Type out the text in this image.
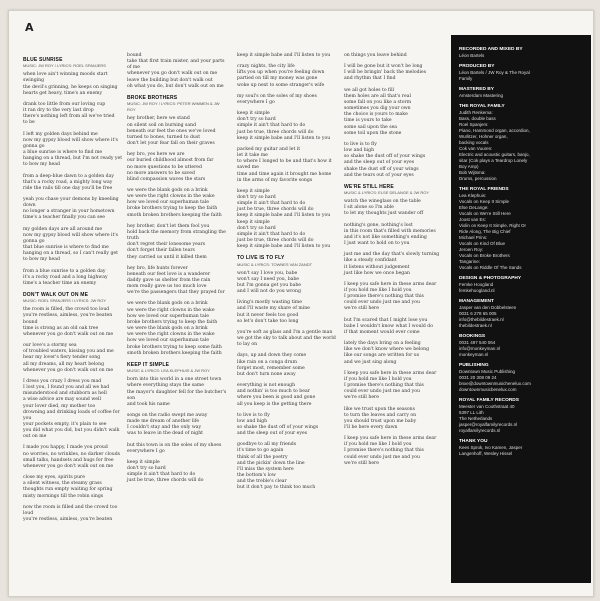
A
BLUE SUNRISE
MUSIC: JW ROY / LYRICS: ROEL SPANJERS
when love ain't winning moods start
swinging
the devil's grinning, he keeps on singing
hearts get heavy, time's an enemy
drank too little from our loving cup
it ran dry to the very last drop
there's nothing left from all we've tried
to be
I left my golden days behind me
now my gypsy blood will show where it's
gonna go
a blue sunrise is where to find me
hanging on a thread, but I'm not ready yet
to bow my head
from a deep-blue dawn to a golden day
that's a rocky road, a mighty long way
ride the rails till one day you'll be free
yeah you chase your demons by kneeling
down
no longer a stranger in your hometown
time's a teacher finally you can see
my golden days are all around me
now my gypsy blood will show where it's
gonna go
that blue sunrise is where to find me
hanging on a thread, so I can't really get
to bow my head
from a blue sunrise to a golden day
it's a rocky road and a long highway
time's a teacher time an enemy
DON'T WALK OUT ON ME
MUSIC: ROEL SPANJERS / LYRICS: JW ROY
the room is filled, the crowd too loud
you're restless, aimless, you're beaten
bound
time is strong as an old oak tree
whenever you go don't walk out on me
our love's a stormy sea
of troubled waters, kissing you and me
hear my lover's fiery tender song
all my dreams, all my heart belong
whenever you go don't walk out on me
I dress you crazy I dress you mad
I lost you, I found you and all we had
misunderstood and stubborn as hell
a wise advice are may sound well
your lover died, my mother too
drowning and drinking loads of coffee for
you
your pockets empty, it's plain to see
you did what you did, but you didn't walk
out on me
I made you happy, I made you proud
no worries, no wrinkles, no darker clouds
small talks, handsets and hugs for free
whenever you go don't walk out on me
close my eyes, spirits pure
a silent witness, the steamy grass
thoughts run empty waiting for spring
misty mornings till the robin sings
now the room is filled and the crowd too
loud
you're restless, aimless, you're beaten
bound
take that first train mister, and your parts
of me
whenever you go don't walk out on me
leave the building but don't walk out
oh what you do, but don't walk out on me
BROKE BROTHERS
MUSIC: JW ROY / LYRICS: PETER WIMMEN & JW ROY
hey brother, here we stand
on silent soil on burning sand
beneath our feet the ones we've loved
turned to bones, turned to dust
don't let your fear fall on their graves
hey bro, yes here we are
our buried childhood almost from far
no more questions to be uttered
no more answers to be saved
blind compassion waves the stars
we were the blank gods on a brink
we were the right clowns in the wake
how we loved our superhuman tale
broke brothers trying to keep the faith
smoth broken brothers keeping the faith
hey brother, don't let them fool you
hold back the memory from strangling the
truth
don't regret their lonesome years
don't forget their fallen tears
they carried us until it killed them
hey bro, life hunts forever
beneath our feet love is a wanderer
daddy gave us shelter from the rain
mom really gave us too much love
we're the passengers that they prayed for
we were the blank gods on a brink
we were the right clowns in the wake
how we loved our superhuman tale
broke brothers trying to keep the faith
we were the blank gods on a brink
we were the right clowns in the wake
how we loved our superhuman tale
broke brothers trying to keep some faith
smoth broken brothers keeping the faith
KEEP IT SIMPLE
MUSIC & LYRICS: LEA KLEPHUIS & JW ROY
born into this world in a one street town
where everything stays the same
the mayor's daughter fell for the butcher's
son
and took his name
songs on the radio swept me away
made me dream of another life
I couldn't stay and the only way
was to leave in the dead of night
but this town is on the soles of my shoes
everywhere I go
keep it simple
don't try so hard
simple it ain't that hard to do
just be true, three chords will do
keep it simple babe and I'll listen to you
crazy nights, the city life
lifts you up when you're feeling down
partied on till my money was gone
woke up next to some stranger's wife
my soul's on the soles of my shoes
everywhere I go
keep it simple
don't try so hard
simple it ain't that hard to do
just be true, three chords will do
keep it simple babe and I'll listen to you
packed my guitar and let it
let it take me
to where I longed to be and that's how it
saved me
time and time again it brought me home
in the arms of my favorite songs
keep it simple
don't try so hard
simple it ain't that hard to do
just be true, three chords will do
keep it simple babe and I'll listen to you
keep it simple
don't try so hard
simple it ain't that hard to do
just be true, three chords will do
keep it simple babe and I'll listen to you
TO LIVE IS TO FLY
MUSIC & LYRICS: TOWNES VAN ZANDT
won't say I love you, babe
won't say I need you, babe
but I'm gonna get you babe
and I will not do you wrong
living's mostly wasting time
and I'll waste my share of mine
but it never feels too good
so let's don't take too long
you're soft as glass and I'm a gentle man
we got the sky to talk about and the world
to lay on
days, up and down they come
like rain on a conga drum
forget most, remember some
but don't turn none away
everything is not enough
and nothin' is too much to bear
where you been is good and gone
all you keep is the getting there
to live is to fly
low and high
so shake the dust off of your wings
and the sleep out of your eyes
goodbye to all my friends
it's time to go again
think of all the poetry
and the pickin' down the line
I'll miss the system here
the bottom's low
and the treble's clear
but it don't pay to think too much
on things you leave behind
I will be gone but it won't be long
I will be bringin' back the melodies
and rhythm that I find
we all got holes to fill
them holes are all that's real
some fall on you like a storm
sometimes you dig your own
the choice is yours to make
time is yours to take
some sail upon the sea
some toil upon the stone
to live is to fly
low and high
so shake the dust off of your wings
and the sleep out of your eyes
shake the dust off of your wings
and the tears out of your eyes
WE'RE STILL HERE
MUSIC & LYRICS: ELSE DELANGE & JW ROY
watch the wineglass on the table
I sit alone so I'm able
to let my thoughts just wander off
nothing's gone, nothing's lost
in this room that's filled with memories
and it's not like something's ending
I just want to hold on to you
just me and the day that's slowly turning
like a steady confidant
it listens without judgement
just like how we once began
I keep you safe here in these arms dear
if you hold me like I hold you
I promise there's nothing that this
could ever undo just me and you
we're still here
but I'm scared that I might lose you
babe I wouldn't know what I would do
if that moment would ever come
lately the days bring on a feeling
like we don't know where we belong
like our songs are written for us
and we just sing along
I keep you safe here in these arms dear
if you hold me like I hold you
I promise there's nothing that this
could ever undo just me and you
we're still here
like we trust upon the seasons
to turn the leaves and carry on
you should trust upon me baby
I'll be here every dawn
I keep you safe here in these arms dear
if you hold me like I hold you
I promise there's nothing that this
could ever undo just me and you
we're still here
RECORDED AND MIXED BY
Léon Bartels
PRODUCED BY
Léon Bartels / JW Roy & The Royal
Family
MASTERED BY
Amsterdam Mastering
THE ROYAL FAMILY
Judith Renkema:
Bass, double bass
Roel Spanjers:
Piano, Hammond organ, accordion,
Wurlitzer, Hohner organ,
backing vocals
Cok van Vuuren:
Electric and acoustic guitars, banjo,
sitar (Cok plays a Teardrop Lonely
Boy Amp)
Bob Wijtsma:
Drums, percussion
THE ROYAL FRIENDS
Lea Klephuis:
Vocals on Keep It Simple
Else DeLange:
Vocals on We're Still Here
Joost van Es:
Violin on Keep It Simple, Right Or
Ride Along, The Big Chief
Michael Prins:
Vocals on Kind Of Blue
Jeroen Roy:
Vocals on Broke Brothers
Tangarine:
Vocals on Riddle Of The Sands
DESIGN & PHOTOGRAPHY
Femke Hoogland
femkehoogland.nl
MANAGEMENT
Jasper van den Dobbelsteen
0031 6 278 65 005
info@thebildestraek.nl
thebildestraek.nl
BOOKINGS
0031 497 540 064
info@monkeyman.nl
monkeyman.nl
PUBLISHING
Downtown Music Publishing
0031 20 308 09 24
bnxe@downtownmusichenelux.com
downtownmusicbenelux.com
ROYAL FAMILY RECORDS
Meester van Coothstraat 40
5397 LL Lith
The Netherlands
jasper@royalfamilyrecords.nl
royalfamilyrecords.nl
THANK YOU
Kees Sprok, Ivo Kamen, Jasper
Langenhoff, Wesley Hissel
